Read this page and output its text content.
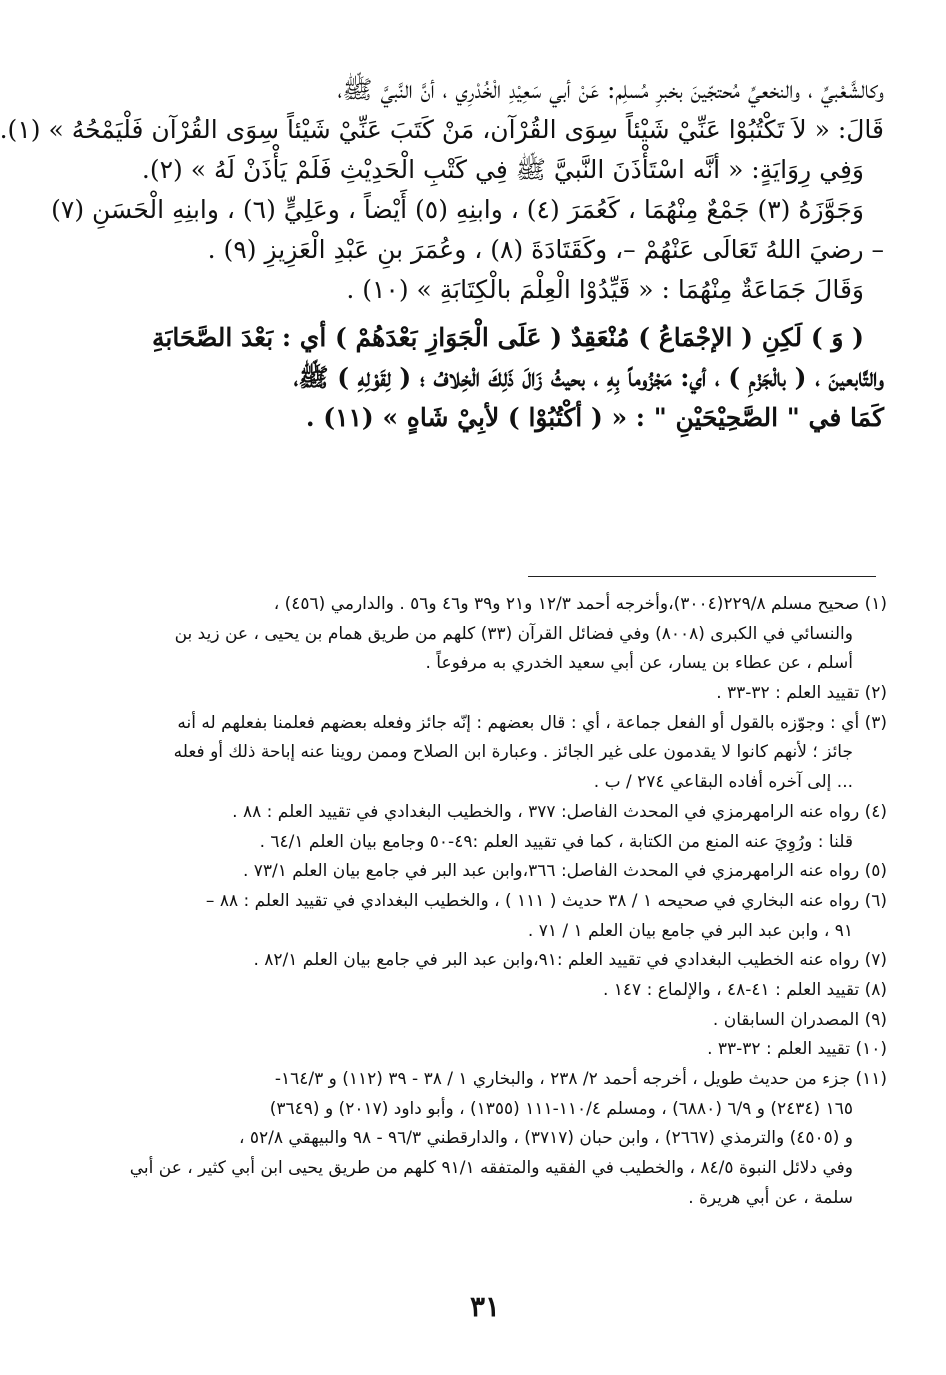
وكالشَّعْبيِّ ، والنخعيِّ مُحتجّينَ بخبرِ مُسلِم: عَنْ أبي سَعِيْدِ الْخُدْرِي ، أنَّ النَّبيَّ ﷺ،
قَالَ: « لاَ تَكْتُبُوْا عَنِّيْ شَيْئاً سِوَى القُرْآن، مَنْ كَتَبَ عَنِّيْ شَيْئاً سِوَى القُرْآن فَلْيَمْحُهُ » (١).
وَفِي رِوَايَةٍ: « أنَّه اسْتَأْذَنَ النَّبيَّ ﷺ فِي كَتْبِ الْحَدِيْثِ فَلَمْ يَأْذَنْ لَهُ » (٢).
وَجَوَّزَهُ (٣) جَمْعٌ مِنْهُمَا ، كَعُمَرَ (٤) ، وابنِهِ (٥) أَيْضاً ، وعَلِيٍّ (٦) ، وابنِهِ الْحَسَنِ (٧)
– رضيَ اللهُ تَعَالَى عَنْهُمْ –، وكَقَتَادَةَ (٨) ، وعُمَرَ بنِ عَبْدِ الْعَزِيزِ (٩) .
وَقَالَ جَمَاعَةٌ مِنْهُمَا : « قَيِّدُوْا الْعِلْمَ بالْكِتَابَةِ » (١٠) .
( وَ ) لَكِنِ ( الإجْمَاعُ ) مُنْعَقِدٌ ( عَلَى الْجَوَازِ بَعْدَهُمْ ) أي : بَعْدَ الصَّحَابَةِ
والتَّابعينَ ، ( بالْجَزْمِ ) ، أي: مَجْزُوماً بِهِ ، بحيثُ زَالَ ذَلِكَ الْخِلافُ ؛ ( لِقَوْلِهِ ) ﷺ،
كَمَا في " الصَّحِيْحَيْنِ " : « ( أكْتُبُوْا ) لأبِيْ شَاهٍ » (١١) .
(١) صحيح مسلم ٢٢٩/٨(٣٠٠٤)،وأخرجه أحمد ١٢/٣ و٢١ و٣٩ و٤٦ و٥٦ . والدارمي (٤٥٦) ،
والنسائي في الكبرى (٨٠٠٨) وفي فضائل القرآن (٣٣) كلهم من طريق همام بن يحيى ، عن زيد بن
أسلم ، عن عطاء بن يسار، عن أبي سعيد الخدري به مرفوعاً .
(٢) تقييد العلم : ٣٢-٣٣ .
(٣) أي : وجوّزه بالقول أو الفعل جماعة ، أي : قال بعضهم : إنّه جائز وفعله بعضهم فعلمنا بفعلهم له أنه
جائز ؛ لأنهم كانوا لا يقدمون على غير الجائز . وعبارة ابن الصلاح وممن روينا عنه إباحة ذلك أو فعله
... إلى آخره أفاده البقاعي ٢٧٤ / ب .
(٤) رواه عنه الرامهرمزي في المحدث الفاصل: ٣٧٧ ، والخطيب البغدادي في تقييد العلم : ٨٨ .
قلنا : ورُوِيَ عنه المنع من الكتابة ، كما في تقييد العلم :٤٩-٥٠ وجامع بيان العلم ٦٤/١ .
(٥) رواه عنه الرامهرمزي في المحدث الفاصل: ٣٦٦،وابن عبد البر في جامع بيان العلم ٧٣/١ .
(٦) رواه عنه البخاري في صحيحه ١ / ٣٨ حديث ( ١١١ ) ، والخطيب البغدادي في تقييد العلم : ٨٨ –
٩١ ، وابن عبد البر في جامع بيان العلم ١ / ٧١ .
(٧) رواه عنه الخطيب البغدادي في تقييد العلم :٩١،وابن عبد البر في جامع بيان العلم ٨٢/١ .
(٨) تقييد العلم : ٤١-٤٨ ، والإلماع : ١٤٧ .
(٩) المصدران السابقان .
(١٠) تقييد العلم : ٣٢-٣٣ .
(١١) جزء من حديث طويل ، أخرجه أحمد ٢/ ٢٣٨ ، والبخاري ١ / ٣٨ - ٣٩ (١١٢) و ١٦٤/٣-
١٦٥ (٢٤٣٤) و ٦/٩ (٦٨٨٠) ، ومسلم ١١٠/٤-١١١ (١٣٥٥) ، وأبو داود (٢٠١٧) و (٣٦٤٩)
و (٤٥٠٥) والترمذي (٢٦٦٧) ، وابن حبان (٣٧١٧) ، والدارقطني ٩٦/٣ - ٩٨ والبيهقي ٥٢/٨ ،
وفي دلائل النبوة ٨٤/٥ ، والخطيب في الفقيه والمتفقه ٩١/١ كلهم من طريق يحيى ابن أبي كثير ، عن أبي
سلمة ، عن أبي هريرة .
٣١
